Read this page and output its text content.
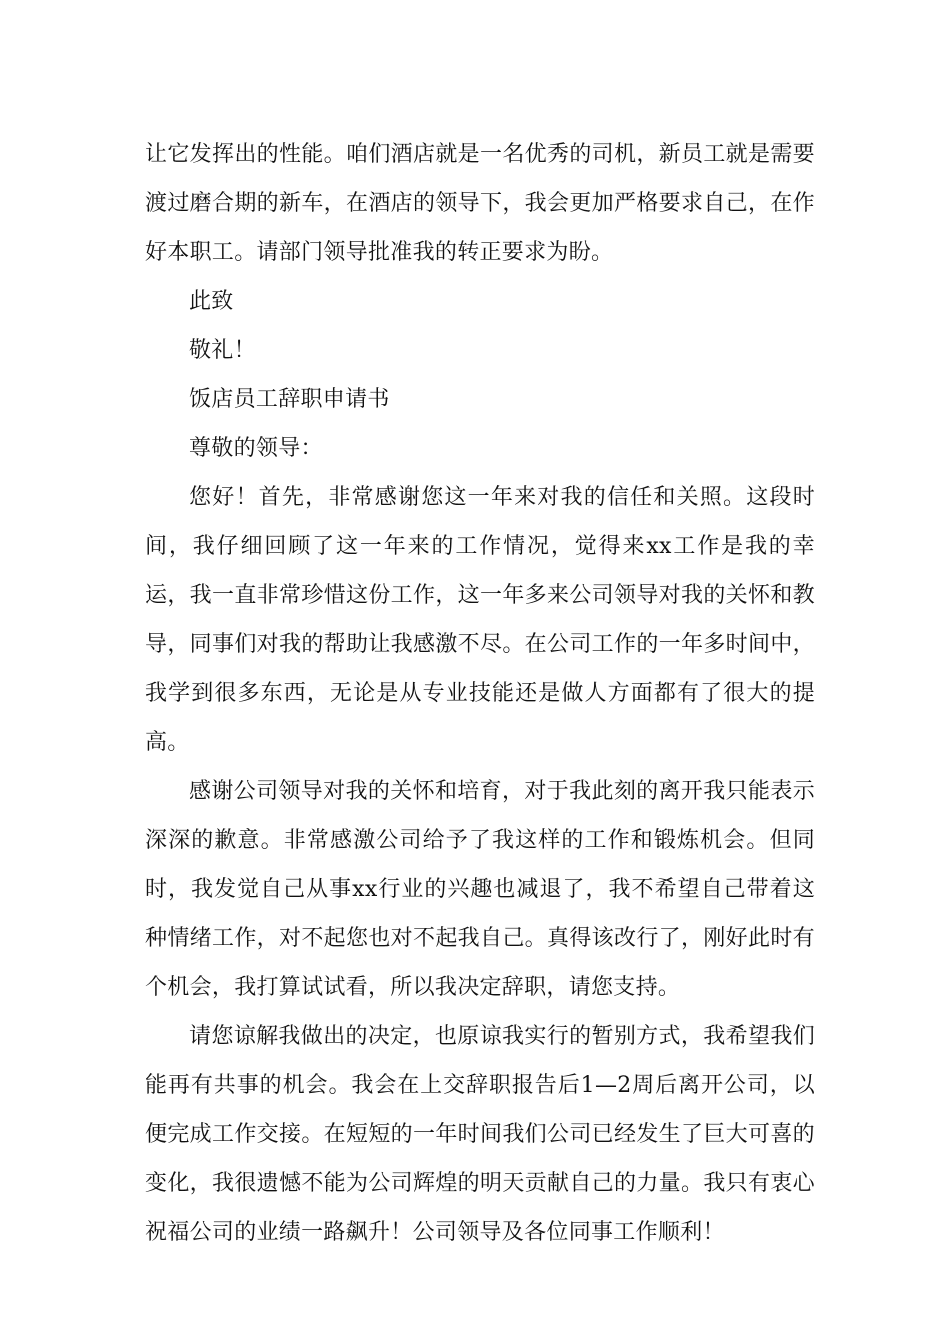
让它发挥出的性能。咱们酒店就是一名优秀的司机，新员工就是需要渡过磨合期的新车，在酒店的领导下，我会更加严格要求自己，在作好本职工。请部门领导批准我的转正要求为盼。

此致

敬礼！

饭店员工辞职申请书

尊敬的领导：

您好！首先，非常感谢您这一年来对我的信任和关照。这段时间，我仔细回顾了这一年来的工作情况，觉得来xx工作是我的幸运，我一直非常珍惜这份工作，这一年多来公司领导对我的关怀和教导，同事们对我的帮助让我感激不尽。在公司工作的一年多时间中，我学到很多东西，无论是从专业技能还是做人方面都有了很大的提高。

感谢公司领导对我的关怀和培育，对于我此刻的离开我只能表示深深的歉意。非常感激公司给予了我这样的工作和锻炼机会。但同时，我发觉自己从事xx行业的兴趣也减退了，我不希望自己带着这种情绪工作，对不起您也对不起我自己。真得该改行了，刚好此时有个机会，我打算试试看，所以我决定辞职，请您支持。

请您谅解我做出的决定，也原谅我实行的暂别方式，我希望我们能再有共事的机会。我会在上交辞职报告后1—2周后离开公司，以便完成工作交接。在短短的一年时间我们公司已经发生了巨大可喜的变化，我很遗憾不能为公司辉煌的明天贡献自己的力量。我只有衷心祝福公司的业绩一路飙升！公司领导及各位同事工作顺利！
